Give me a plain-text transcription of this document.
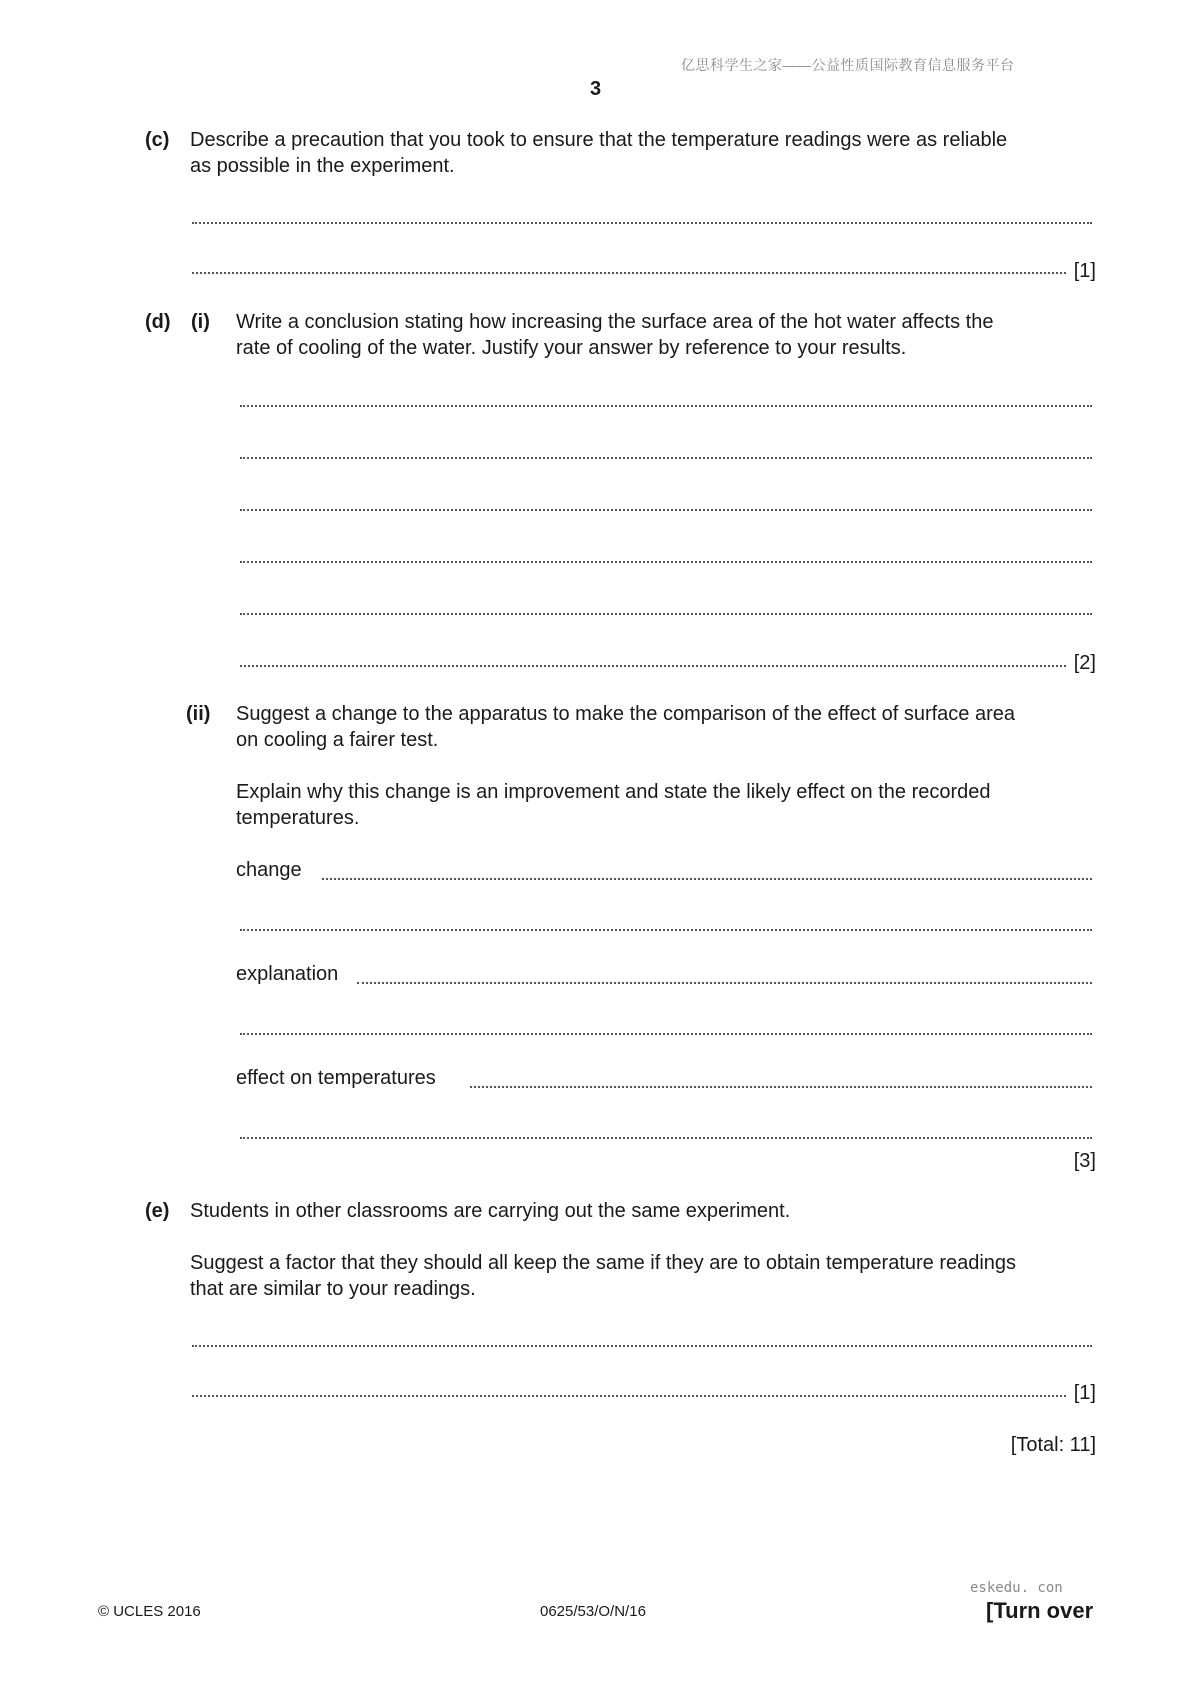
亿思科学生之家——公益性质国际教育信息服务平台
3
(c) Describe a precaution that you took to ensure that the temperature readings were as reliable
as possible in the experiment.
[1]
(d) (i) Write a conclusion stating how increasing the surface area of the hot water affects the
rate of cooling of the water. Justify your answer by reference to your results.
[2]
(ii) Suggest a change to the apparatus to make the comparison of the effect of surface area
on cooling a fairer test.
Explain why this change is an improvement and state the likely effect on the recorded
temperatures.
change
explanation
effect on temperatures
[3]
(e) Students in other classrooms are carrying out the same experiment.
Suggest a factor that they should all keep the same if they are to obtain temperature readings
that are similar to your readings.
[1]
[Total: 11]
eskedu. con
© UCLES 2016	0625/53/O/N/16	[Turn over
